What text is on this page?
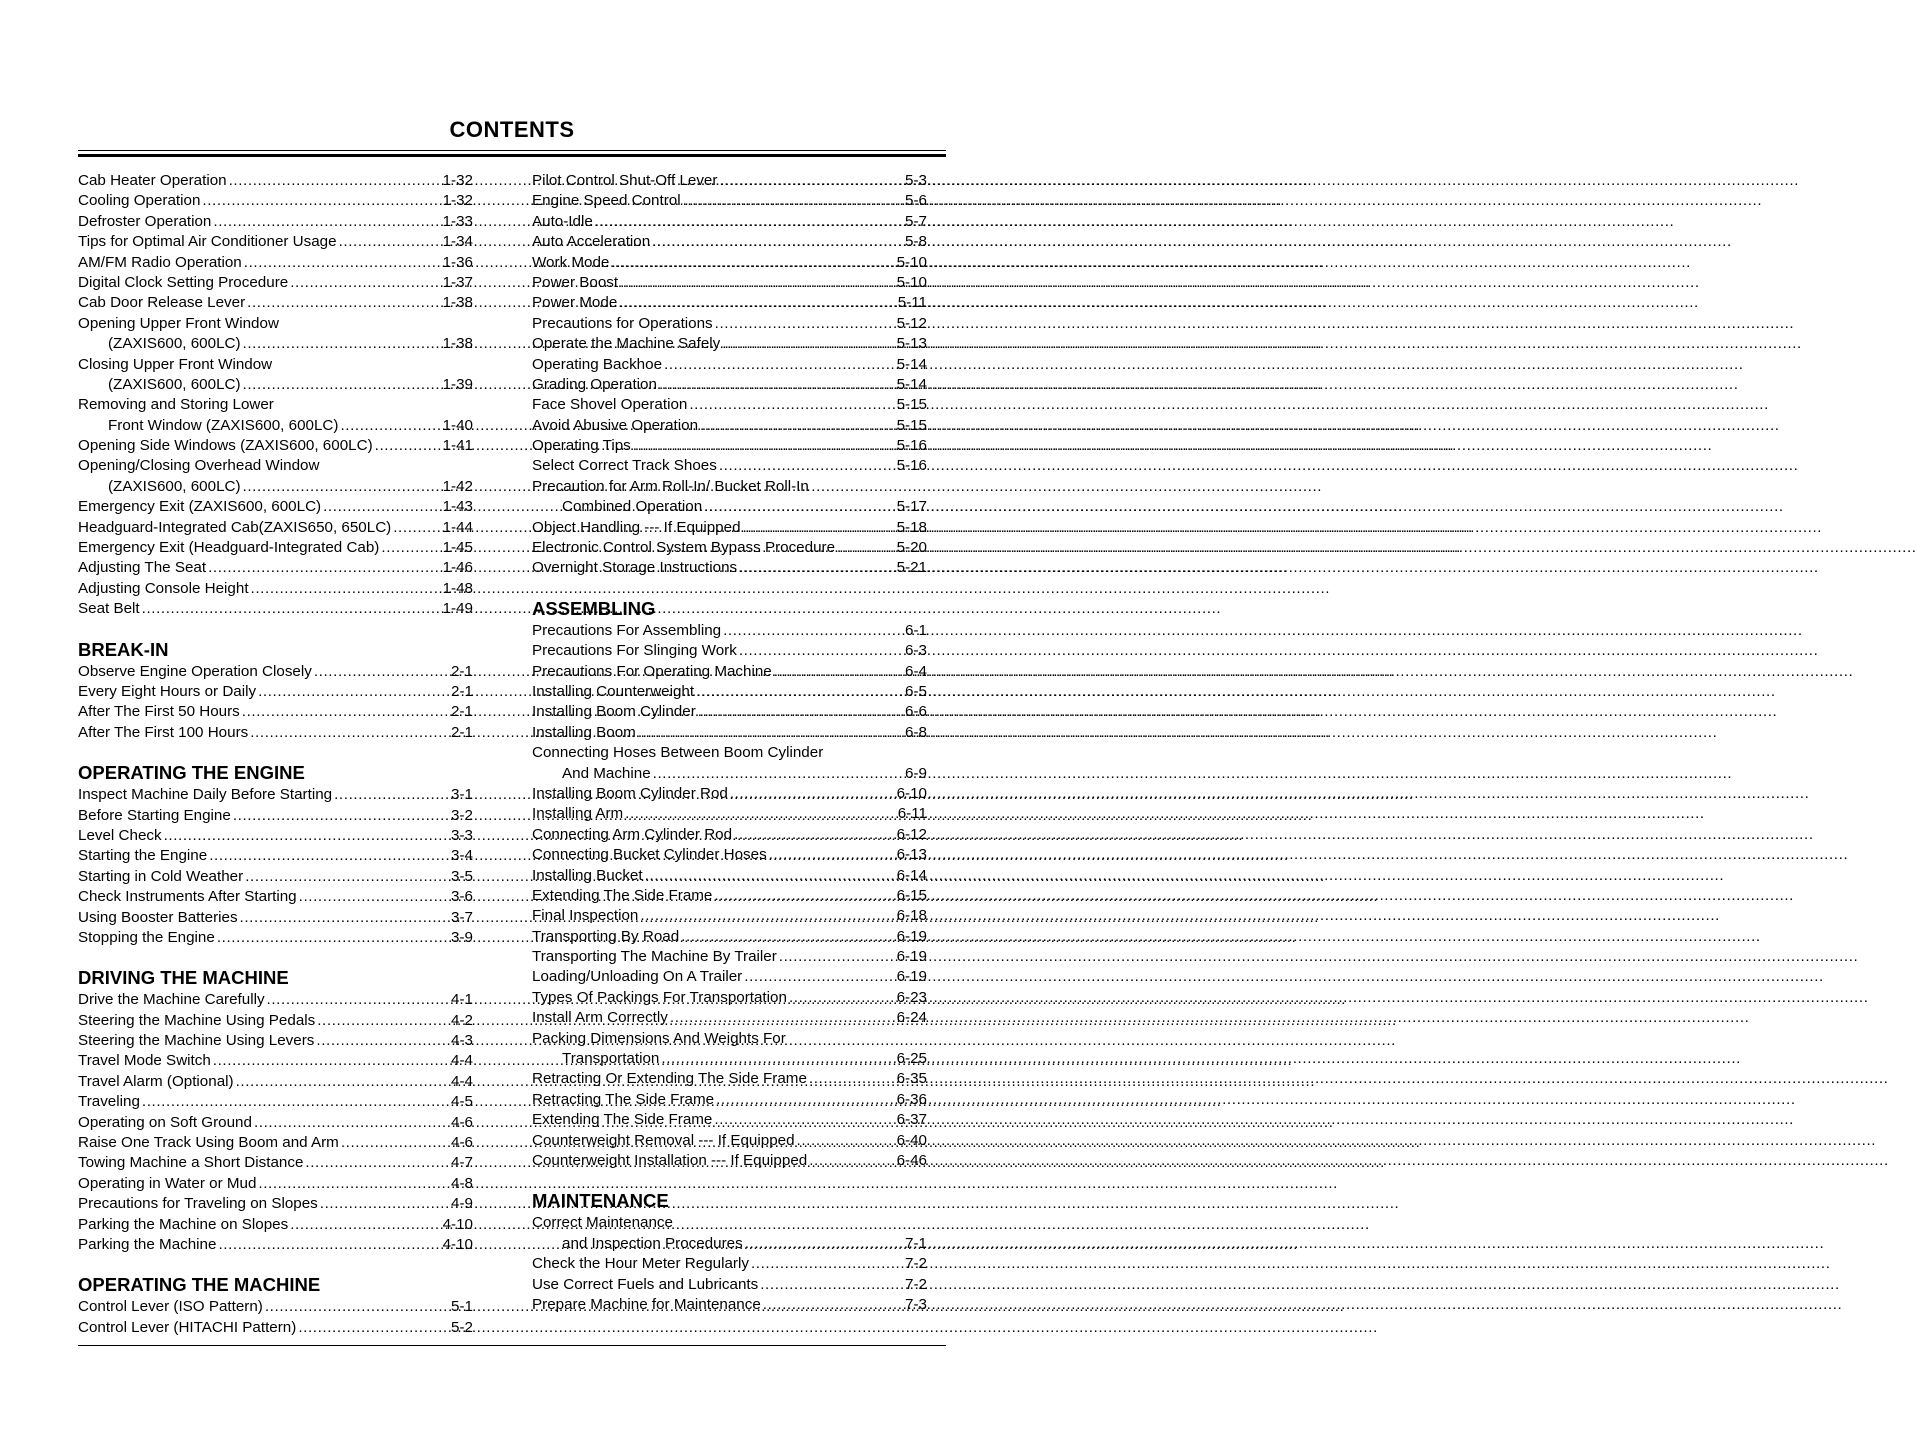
CONTENTS
Cab Heater Operation .....	1-32
Cooling Operation .....	1-32
Defroster Operation .....	1-33
Tips for Optimal Air Conditioner Usage .....	1-34
AM/FM Radio Operation .....	1-36
Digital Clock Setting Procedure .....	1-37
Cab Door Release Lever .....	1-38
Opening Upper Front Window
(ZAXIS600, 600LC) .....	1-38
Closing Upper Front Window
(ZAXIS600, 600LC) .....	1-39
Removing and Storing Lower
Front Window (ZAXIS600, 600LC) .....	1-40
Opening Side Windows (ZAXIS600, 600LC) .....	1-41
Opening/Closing Overhead Window
(ZAXIS600, 600LC) .....	1-42
Emergency Exit (ZAXIS600, 600LC) .....	1-43
Headguard-Integrated Cab(ZAXIS650, 650LC) .....	1-44
Emergency Exit (Headguard-Integrated Cab) .....	1-45
Adjusting The Seat .....	1-46
Adjusting Console Height .....	1-48
Seat Belt .....	1-49
BREAK-IN
Observe Engine Operation Closely .....	2-1
Every Eight Hours or Daily .....	2-1
After The First 50 Hours .....	2-1
After The First 100 Hours .....	2-1
OPERATING THE ENGINE
Inspect Machine Daily Before Starting .....	3-1
Before Starting Engine .....	3-2
Level Check .....	3-3
Starting the Engine .....	3-4
Starting in Cold Weather .....	3-5
Check Instruments After Starting .....	3-6
Using Booster Batteries .....	3-7
Stopping the Engine .....	3-9
DRIVING THE MACHINE
Drive the Machine Carefully .....	4-1
Steering the Machine Using Pedals .....	4-2
Steering the Machine Using Levers .....	4-3
Travel Mode Switch .....	4-4
Travel Alarm (Optional) .....	4-4
Traveling .....	4-5
Operating on Soft Ground .....	4-6
Raise One Track Using Boom and Arm .....	4-6
Towing Machine a Short Distance .....	4-7
Operating in Water or Mud .....	4-8
Precautions for Traveling on Slopes .....	4-9
Parking the Machine on Slopes .....	4-10
Parking the Machine .....	4-10
OPERATING THE MACHINE
Control Lever (ISO Pattern) .....	5-1
Control Lever (HITACHI Pattern) .....	5-2
Pilot Control Shut-Off Lever .....	5-3
Engine Speed Control .....	5-6
Auto-Idle .....	5-7
Auto Acceleration .....	5-8
Work Mode .....	5-10
Power Boost .....	5-10
Power Mode .....	5-11
Precautions for Operations .....	5-12
Operate the Machine Safely .....	5-13
Operating Backhoe .....	5-14
Grading Operation .....	5-14
Face Shovel Operation .....	5-15
Avoid Abusive Operation .....	5-15
Operating Tips .....	5-16
Select Correct Track Shoes .....	5-16
Precaution for Arm Roll-In/ Bucket Roll-In
Combined Operation .....	5-17
Object Handling --- If Equipped .....	5-18
Electronic Control System Bypass Procedure .....	5-20
Overnight Storage Instructions .....	5-21
ASSEMBLING
Precautions For Assembling .....	6-1
Precautions For Slinging Work .....	6-3
Precautions For Operating Machine .....	6-4
Installing Counterweight .....	6-5
Installing Boom Cylinder .....	6-6
Installing Boom .....	6-8
Connecting Hoses Between Boom Cylinder
And Machine .....	6-9
Installing Boom Cylinder Rod .....	6-10
Installing Arm .....	6-11
Connecting Arm Cylinder Rod .....	6-12
Connecting Bucket Cylinder Hoses .....	6-13
Installing Bucket .....	6-14
Extending The Side Frame .....	6-15
Final Inspection .....	6-18
Transporting By Road .....	6-19
Transporting The Machine By Trailer .....	6-19
Loading/Unloading On A Trailer .....	6-19
Types Of Packings For Transportation .....	6-23
Install Arm Correctly .....	6-24
Packing Dimensions And Weights For
Transportation .....	6-25
Retracting Or Extending The Side Frame .....	6-35
Retracting The Side Frame .....	6-36
Extending The Side Frame .....	6-37
Counterweight Removal --- If Equipped .....	6-40
Counterweight Installation --- If Equipped .....	6-46
MAINTENANCE
Correct Maintenance
and Inspection Procedures .....	7-1
Check the Hour Meter Regularly .....	7-2
Use Correct Fuels and Lubricants .....	7-2
Prepare Machine for Maintenance .....	7-3
